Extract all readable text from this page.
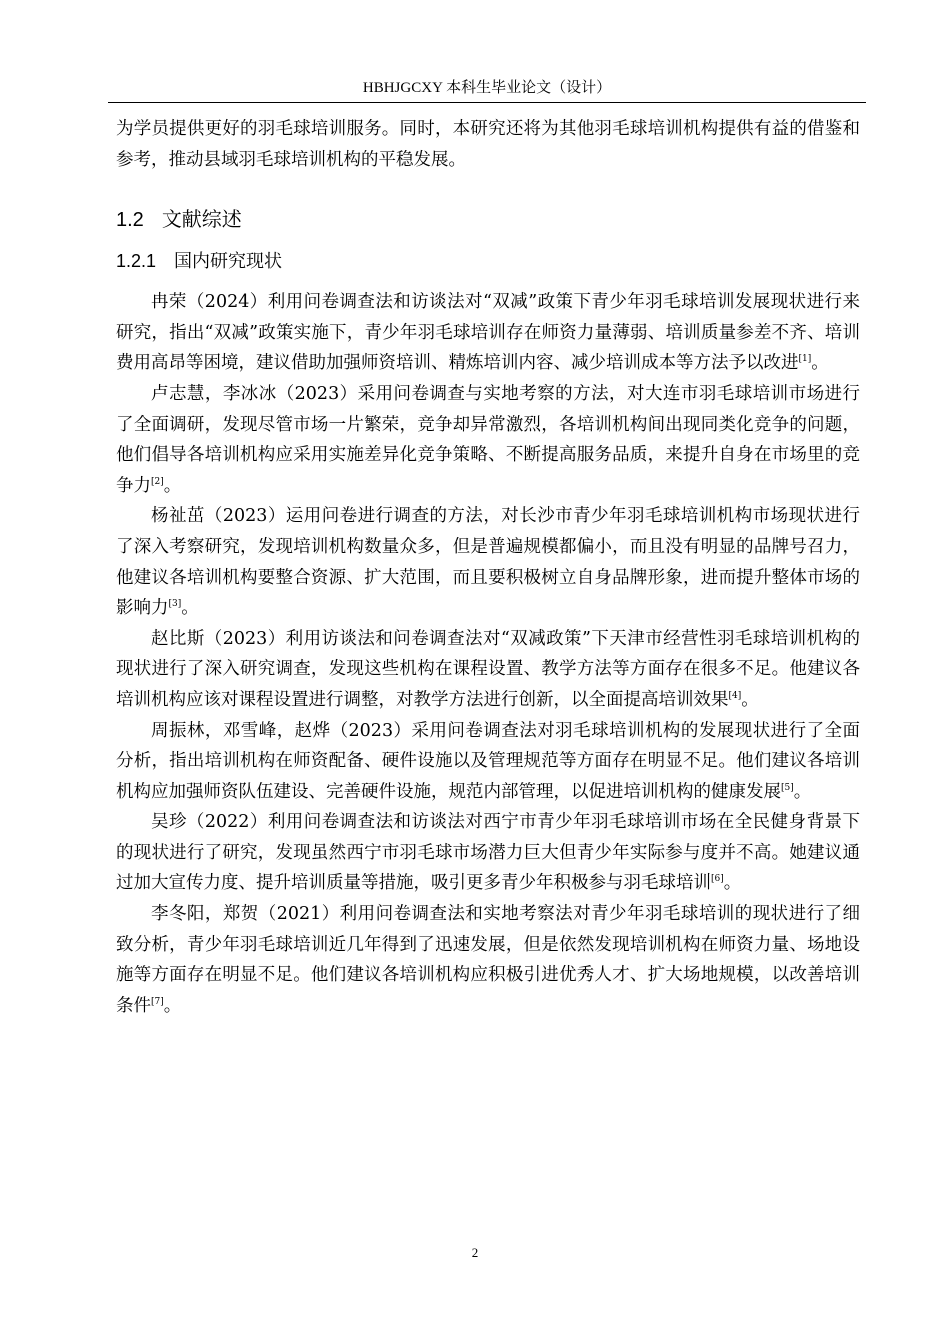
HBHJGCXY 本科生毕业论文（设计）

为学员提供更好的羽毛球培训服务。同时，本研究还将为其他羽毛球培训机构提供有益的借鉴和参考，推动县域羽毛球培训机构的平稳发展。

1.2 文献综述
1.2.1 国内研究现状

冉荣（2024）利用问卷调查法和访谈法对“双减”政策下青少年羽毛球培训发展现状进行来研究，指出“双减”政策实施下，青少年羽毛球培训存在师资力量薄弱、培训质量参差不齐、培训费用高昂等困境，建议借助加强师资培训、精炼培训内容、减少培训成本等方法予以改进[1]。

卢志慧，李冰冰（2023）采用问卷调查与实地考察的方法，对大连市羽毛球培训市场进行了全面调研，发现尽管市场一片繁荣，竞争却异常激烈，各培训机构间出现同类化竞争的问题，他们倡导各培训机构应采用实施差异化竞争策略、不断提高服务品质，来提升自身在市场里的竞争力[2]。

杨祉茁（2023）运用问卷进行调查的方法，对长沙市青少年羽毛球培训机构市场现状进行了深入考察研究，发现培训机构数量众多，但是普遍规模都偏小，而且没有明显的品牌号召力，他建议各培训机构要整合资源、扩大范围，而且要积极树立自身品牌形象，进而提升整体市场的影响力[3]。

赵比斯（2023）利用访谈法和问卷调查法对“双减政策”下天津市经营性羽毛球培训机构的现状进行了深入研究调查，发现这些机构在课程设置、教学方法等方面存在很多不足。他建议各培训机构应该对课程设置进行调整，对教学方法进行创新，以全面提高培训效果[4]。

周振林，邓雪峰，赵烨（2023）采用问卷调查法对羽毛球培训机构的发展现状进行了全面分析，指出培训机构在师资配备、硬件设施以及管理规范等方面存在明显不足。他们建议各培训机构应加强师资队伍建设、完善硬件设施，规范内部管理，以促进培训机构的健康发展[5]。

吴珍（2022）利用问卷调查法和访谈法对西宁市青少年羽毛球培训市场在全民健身背景下的现状进行了研究，发现虽然西宁市羽毛球市场潜力巨大但青少年实际参与度并不高。她建议通过加大宣传力度、提升培训质量等措施，吸引更多青少年积极参与羽毛球培训[6]。

李冬阳，郑贺（2021）利用问卷调查法和实地考察法对青少年羽毛球培训的现状进行了细致分析，青少年羽毛球培训近几年得到了迅速发展，但是依然发现培训机构在师资力量、场地设施等方面存在明显不足。他们建议各培训机构应积极引进优秀人才、扩大场地规模，以改善培训条件[7]。

2
